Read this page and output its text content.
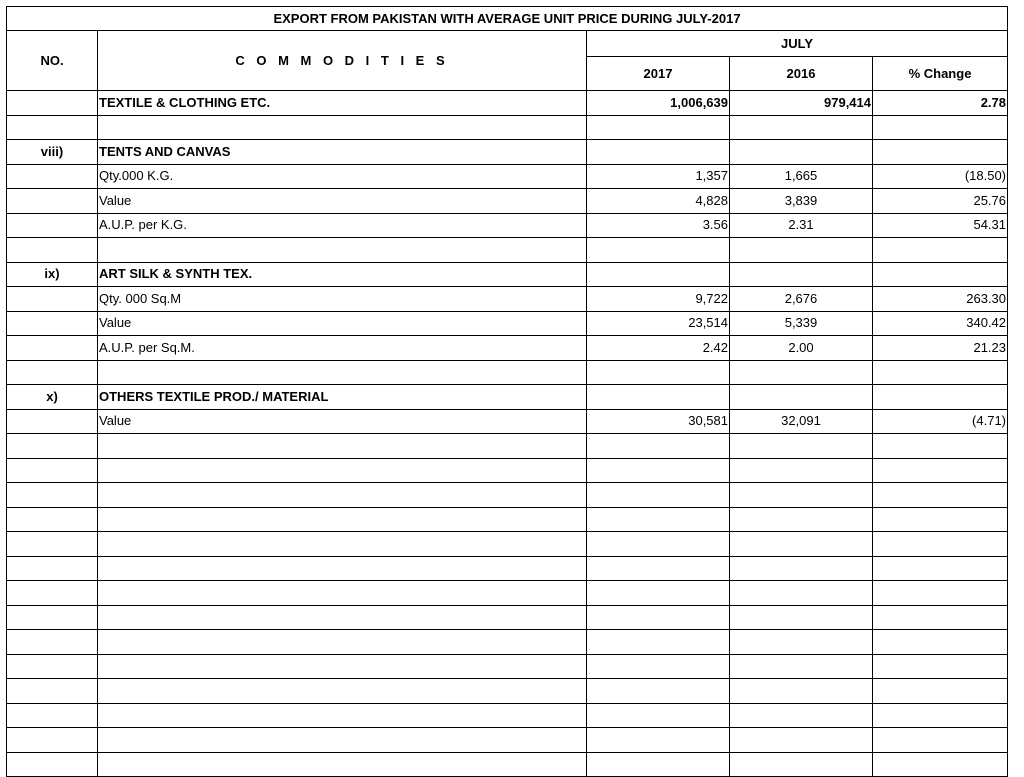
EXPORT FROM PAKISTAN WITH AVERAGE UNIT PRICE DURING JULY-2017				
NO.	C O M M O D I T I E S	JULY		
		2017	2016	% Change
	TEXTILE & CLOTHING ETC.	1,006,639	979,414	2.78

viii)	TENTS AND CANVAS			
	Qty.000 K.G.	1,357	1,665	(18.50)
	Value	4,828	3,839	25.76
	A.U.P. per K.G.	3.56	2.31	54.31

ix)	ART SILK & SYNTH TEX.			
	Qty. 000 Sq.M	9,722	2,676	263.30
	Value	23,514	5,339	340.42
	A.U.P. per Sq.M.	2.42	2.00	21.23

x)	OTHERS TEXTILE PROD./ MATERIAL			
	Value	30,581	32,091	(4.71)
